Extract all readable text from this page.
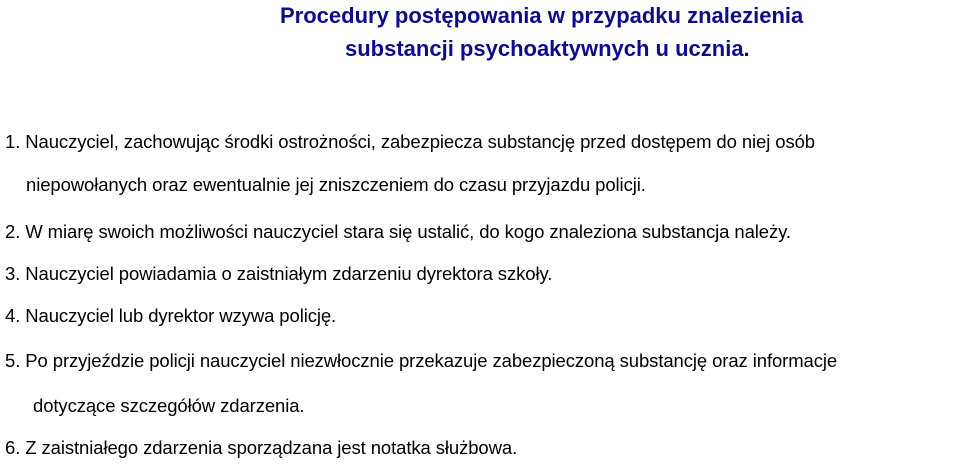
Procedury postępowania w przypadku znalezienia
substancji psychoaktywnych u ucznia.
1. Nauczyciel, zachowując środki ostrożności, zabezpiecza substancję przed dostępem do niej osób
niepowołanych oraz ewentualnie jej zniszczeniem do czasu przyjazdu policji.
2. W miarę swoich możliwości nauczyciel stara się ustalić, do kogo znaleziona substancja należy.
3. Nauczyciel powiadamia o zaistniałym zdarzeniu dyrektora szkoły.
4. Nauczyciel lub dyrektor wzywa policję.
5. Po przyjeździe policji nauczyciel niezwłocznie przekazuje zabezpieczoną substancję oraz informacje
dotyczące szczegółów zdarzenia.
6. Z zaistniałego zdarzenia sporządzana jest notatka służbowa.
